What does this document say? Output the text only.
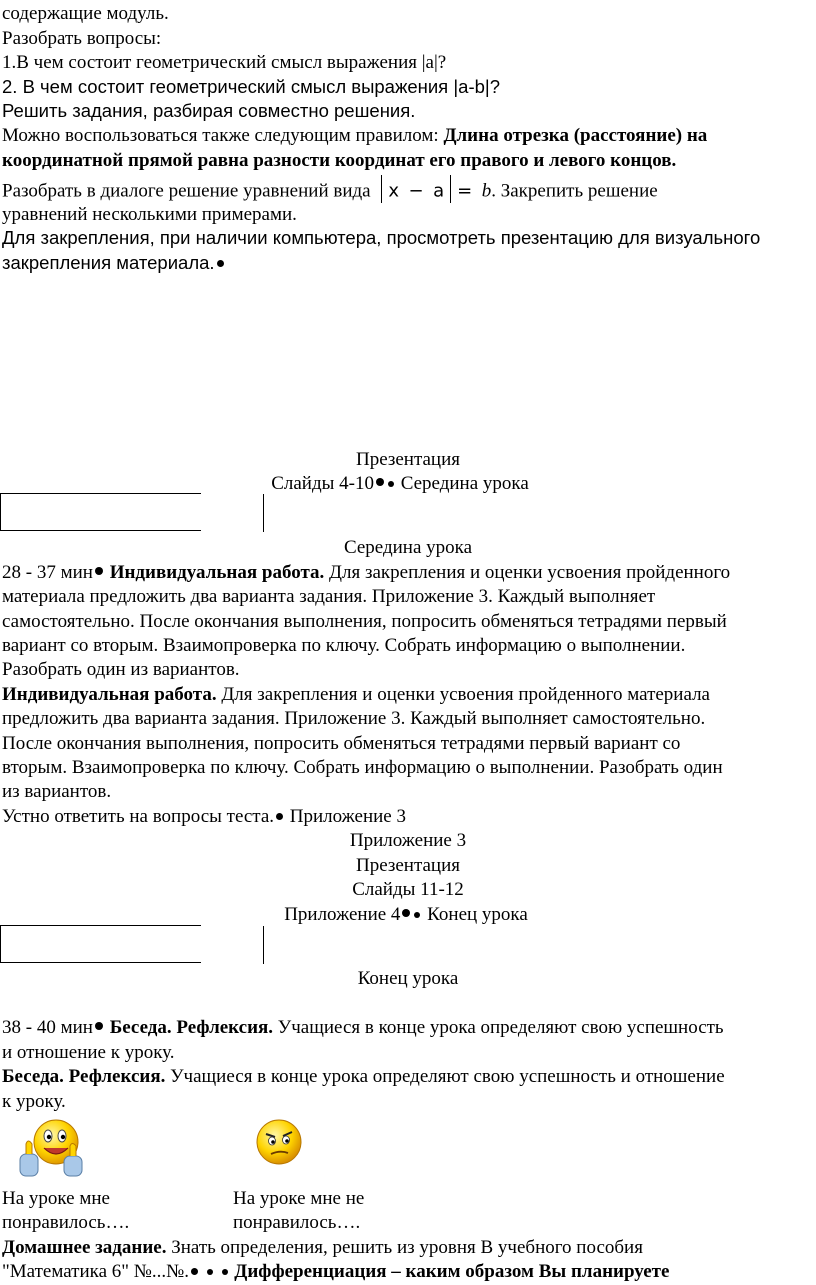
содержащие модуль.
Разобрать вопросы:
1.В чем состоит геометрический смысл выражения |a|?
2. В чем состоит геометрический смысл выражения |a-b|?
Решить задания, разбирая совместно решения.
Можно воспользоваться также следующим правилом: Длина отрезка (расстояние) на
координатной прямой равна разности координат его правого и левого концов.
Разобрать в диалоге решение уравнений вида x − a = b. Закрепить решение
уравнений несколькими примерами.
Для закрепления, при наличии компьютера, просмотреть презентацию для визуального
закрепления материала.
Презентация
Слайды 4-10 Середина урока
Середина урока
28 - 37 мин Индивидуальная работа. Для закрепления и оценки усвоения пройденного
материала предложить два варианта задания. Приложение 3. Каждый выполняет
самостоятельно. После окончания выполнения, попросить обменяться тетрадями первый
вариант со вторым. Взаимопроверка по ключу. Собрать информацию о выполнении.
Разобрать один из вариантов.
Индивидуальная работа. Для закрепления и оценки усвоения пройденного материала
предложить два варианта задания. Приложение 3. Каждый выполняет самостоятельно.
После окончания выполнения, попросить обменяться тетрадями первый вариант со
вторым. Взаимопроверка по ключу. Собрать информацию о выполнении. Разобрать один
из вариантов.
Устно ответить на вопросы теста. Приложение 3
Приложение 3
Презентация
Слайды 11-12
Приложение 4 Конец урока
Конец урока
38 - 40 мин Беседа. Рефлексия. Учащиеся в конце урока определяют свою успешность
и отношение к уроку.
Беседа. Рефлексия. Учащиеся в конце урока определяют свою успешность и отношение
к уроку.
На уроке мне
понравилось….
На уроке мне не
понравилось….
Домашнее задание. Знать определения, решить из уровня В учебного пособия
"Математика 6" №...№. Дифференциация – каким образом Вы планируете
